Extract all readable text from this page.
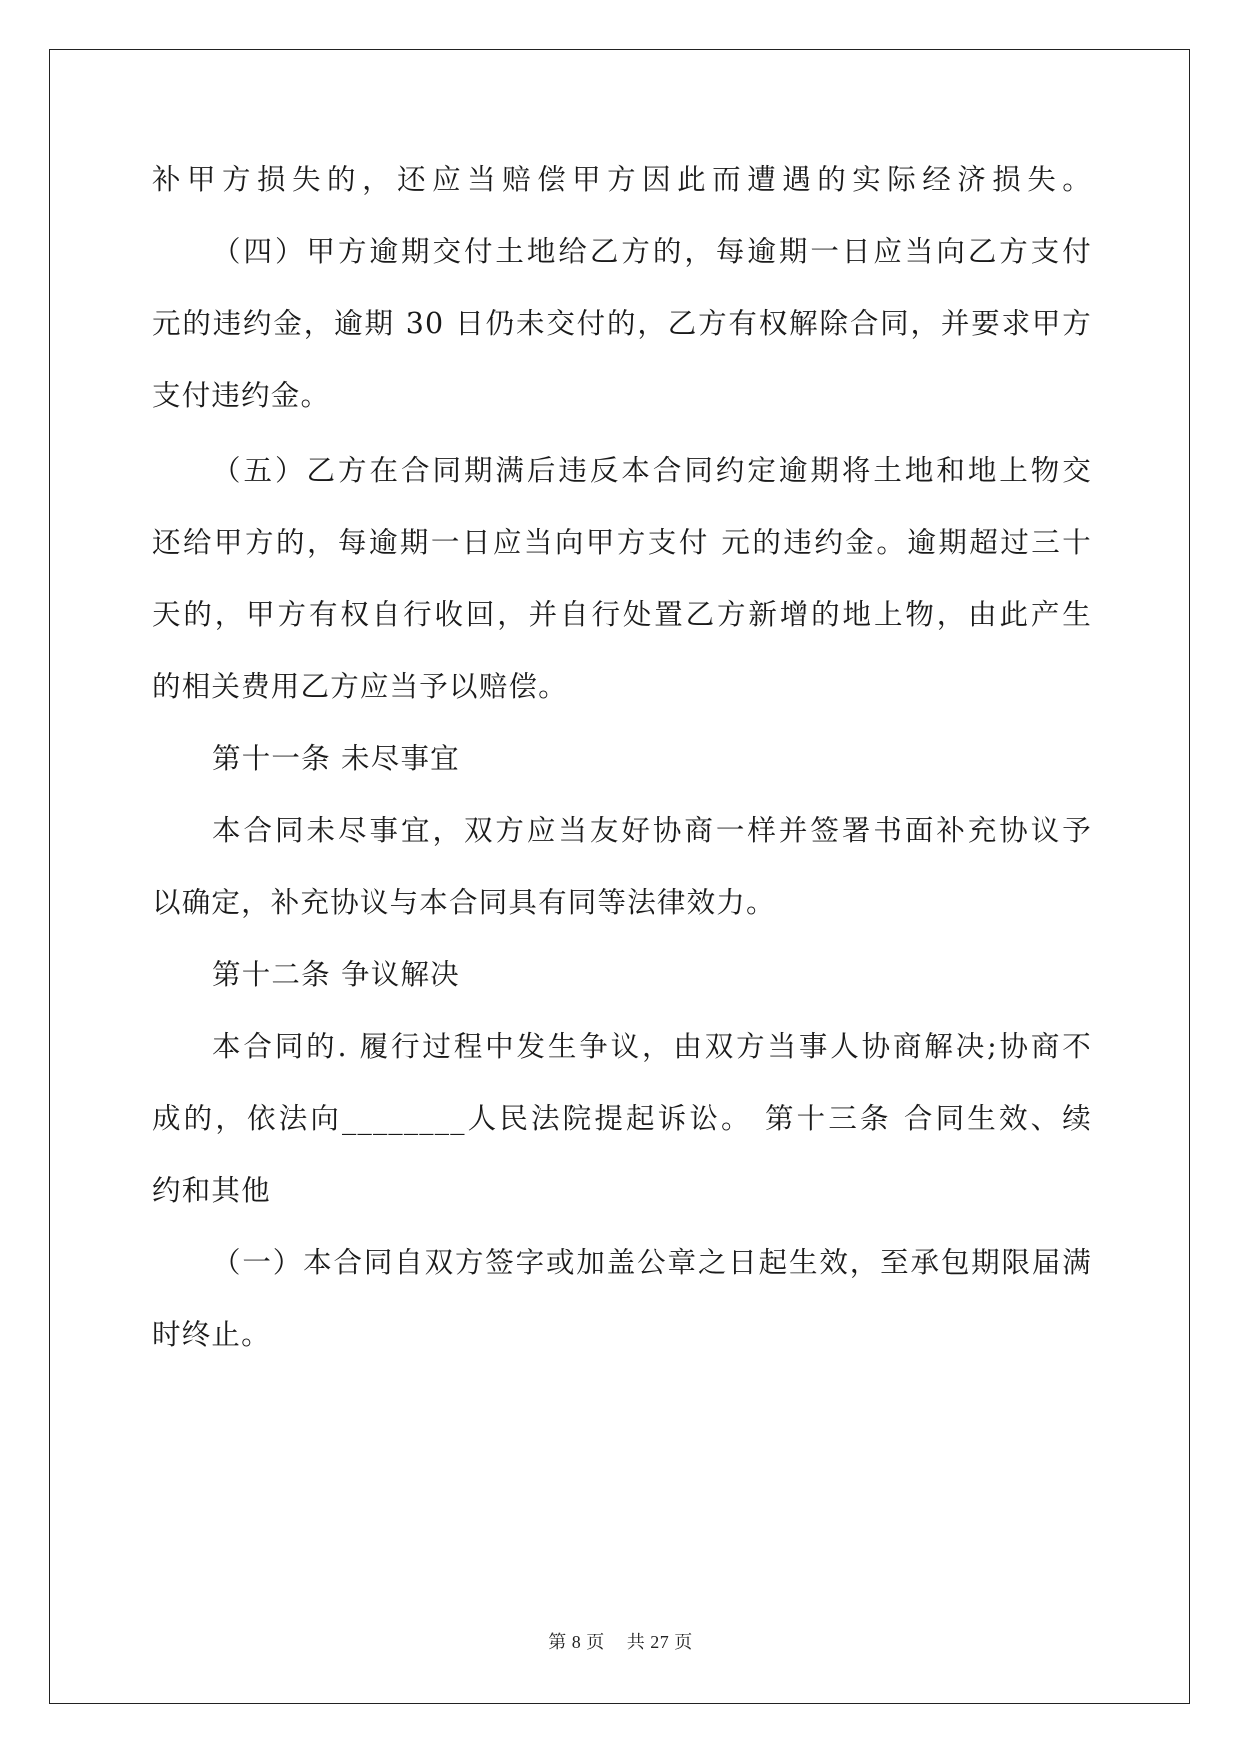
补甲方损失的，还应当赔偿甲方因此而遭遇的实际经济损失。
（四）甲方逾期交付土地给乙方的，每逾期一日应当向乙方支付
元的违约金，逾期 30 日仍未交付的，乙方有权解除合同，并要求甲方
支付违约金。
（五）乙方在合同期满后违反本合同约定逾期将土地和地上物交
还给甲方的，每逾期一日应当向甲方支付 元的违约金。逾期超过三十
天的，甲方有权自行收回，并自行处置乙方新增的地上物，由此产生
的相关费用乙方应当予以赔偿。
第十一条 未尽事宜
本合同未尽事宜，双方应当友好协商一样并签署书面补充协议予
以确定，补充协议与本合同具有同等法律效力。
第十二条 争议解决
本合同的. 履行过程中发生争议，由双方当事人协商解决;协商不
成的，依法向________人民法院提起诉讼。 第十三条 合同生效、续
约和其他
（一）本合同自双方签字或加盖公章之日起生效，至承包期限届满
时终止。
第 8 页 共 27 页
